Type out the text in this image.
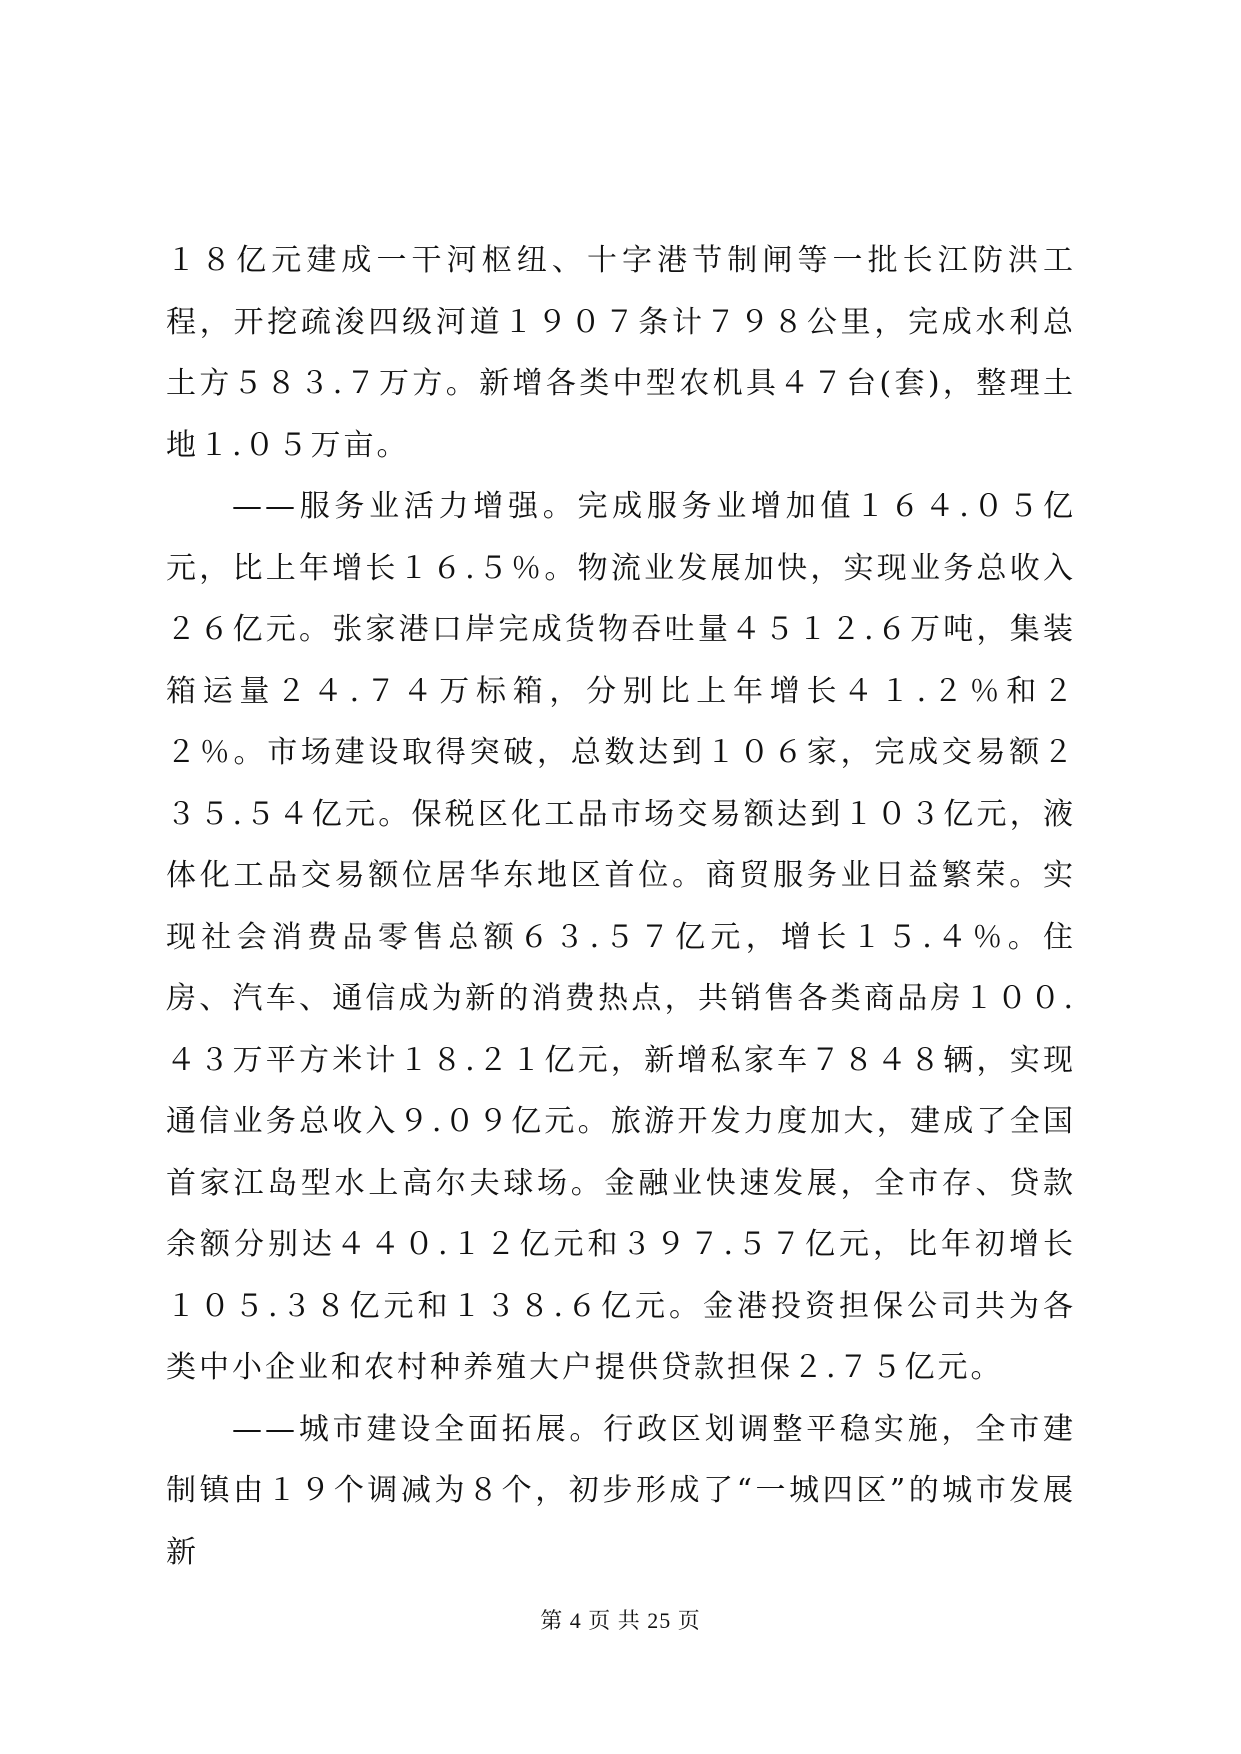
１８亿元建成一干河枢纽、十字港节制闸等一批长江防洪工程，开挖疏浚四级河道１９０７条计７９８公里，完成水利总土方５８３.７万方。新增各类中型农机具４７台(套)，整理土地１.０５万亩。

——服务业活力增强。完成服务业增加值１６４.０５亿元，比上年增长１６.５％。物流业发展加快，实现业务总收入２６亿元。张家港口岸完成货物吞吐量４５１２.６万吨，集装箱运量２４.７４万标箱，分别比上年增长４１.２％和２２％。市场建设取得突破，总数达到１０６家，完成交易额２３５.５４亿元。保税区化工品市场交易额达到１０３亿元，液体化工品交易额位居华东地区首位。商贸服务业日益繁荣。实现社会消费品零售总额６３.５７亿元，增长１５.４％。住房、汽车、通信成为新的消费热点，共销售各类商品房１００.４３万平方米计１８.２１亿元，新增私家车７８４８辆，实现通信业务总收入９.０９亿元。旅游开发力度加大，建成了全国首家江岛型水上高尔夫球场。金融业快速发展，全市存、贷款余额分别达４４０.１２亿元和３９７.５７亿元，比年初增长１０５.３８亿元和１３８.６亿元。金港投资担保公司共为各类中小企业和农村种养殖大户提供贷款担保２.７５亿元。

——城市建设全面拓展。行政区划调整平稳实施，全市建制镇由１９个调减为８个，初步形成了“一城四区”的城市发展新

第 4 页 共 25 页
